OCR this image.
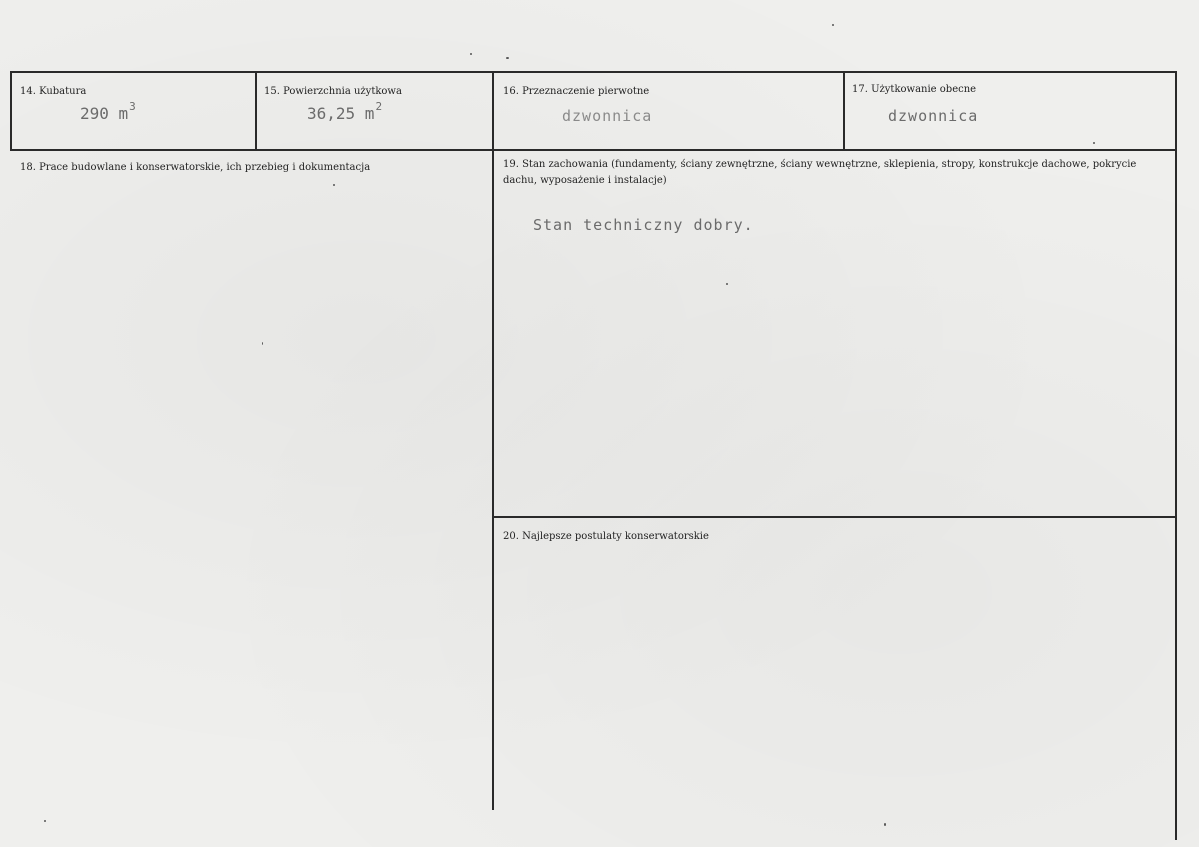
14. Kubatura
290 $m^3$
15. Powierzchnia użytkowa
36,25 $m^2$
16. Przeznaczenie pierwotne
dzwonnica
17. Użytkowanie obecne
dzwonnica
18. Prace budowlane i konserwatorskie, ich przebieg i dokumentacja	19. Stan zachowania (fundamenty, ściany zewnętrzne, ściany wewnętrzne, sklepienia, stropy, konstrukcje dachowe, pokrycie dachu, wyposażenie i instalacje)
Stan techniczny dobry.
20. Najlepsze postulaty konserwatorskie
